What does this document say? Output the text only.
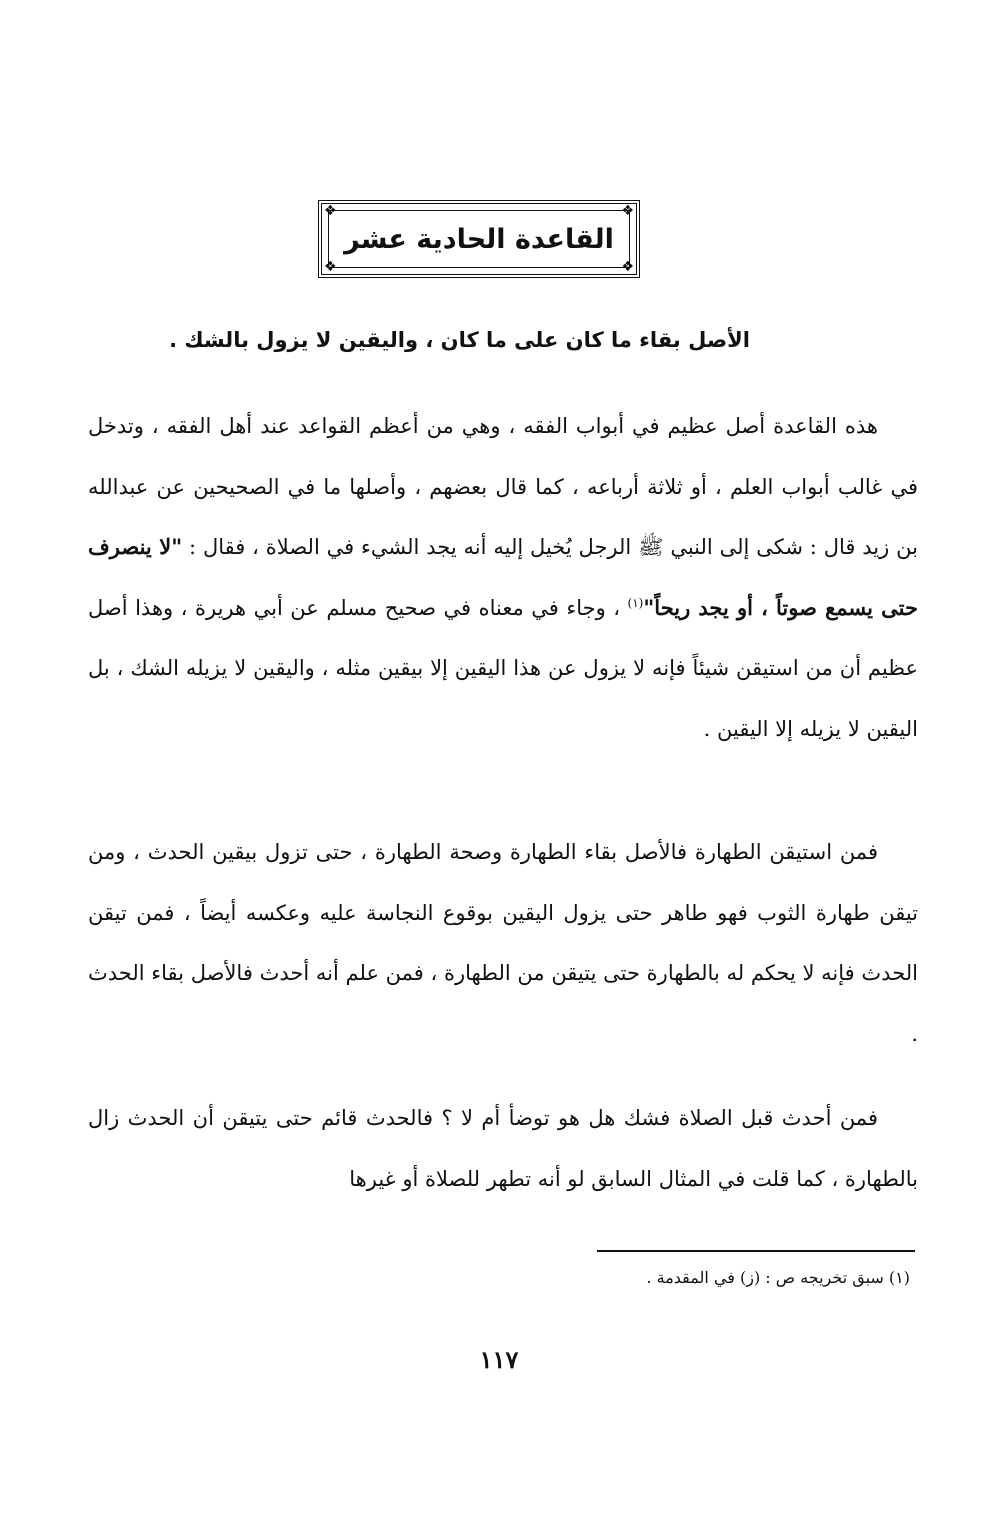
❖	❖
❖	❖
القاعدة الحادية عشر
الأصل بقاء ما كان على ما كان ، واليقين لا يزول بالشك .

هذه القاعدة أصل عظيم في أبواب الفقه ، وهي من أعظم القواعد عند أهل الفقه ، وتدخل في غالب أبواب العلم ، أو ثلاثة أرباعه ، كما قال بعضهم ، وأصلها ما في الصحيحين عن عبدالله بن زيد قال : شكى إلى النبي ﷺ الرجل يُخيل إليه أنه يجد الشيء في الصلاة ، فقال : "لا ينصرف حتى يسمع صوتاً ، أو يجد ريحاً"$^{(١)}$ ، وجاء في معناه في صحيح مسلم عن أبي هريرة ، وهذا أصل عظيم أن من استيقن شيئاً فإنه لا يزول عن هذا اليقين إلا بيقين مثله ، واليقين لا يزيله الشك ، بل اليقين لا يزيله إلا اليقين .

فمن استيقن الطهارة فالأصل بقاء الطهارة وصحة الطهارة ، حتى تزول بيقين الحدث ، ومن تيقن طهارة الثوب فهو طاهر حتى يزول اليقين بوقوع النجاسة عليه وعكسه أيضاً ، فمن تيقن الحدث فإنه لا يحكم له بالطهارة حتى يتيقن من الطهارة ، فمن علم أنه أحدث فالأصل بقاء الحدث .

فمن أحدث قبل الصلاة فشك هل هو توضأ أم لا ؟ فالحدث قائم حتى يتيقن أن الحدث زال بالطهارة ، كما قلت في المثال السابق لو أنه تطهر للصلاة أو غيرها

(١) سبق تخريجه ص : (ز) في المقدمة .
١١٧
